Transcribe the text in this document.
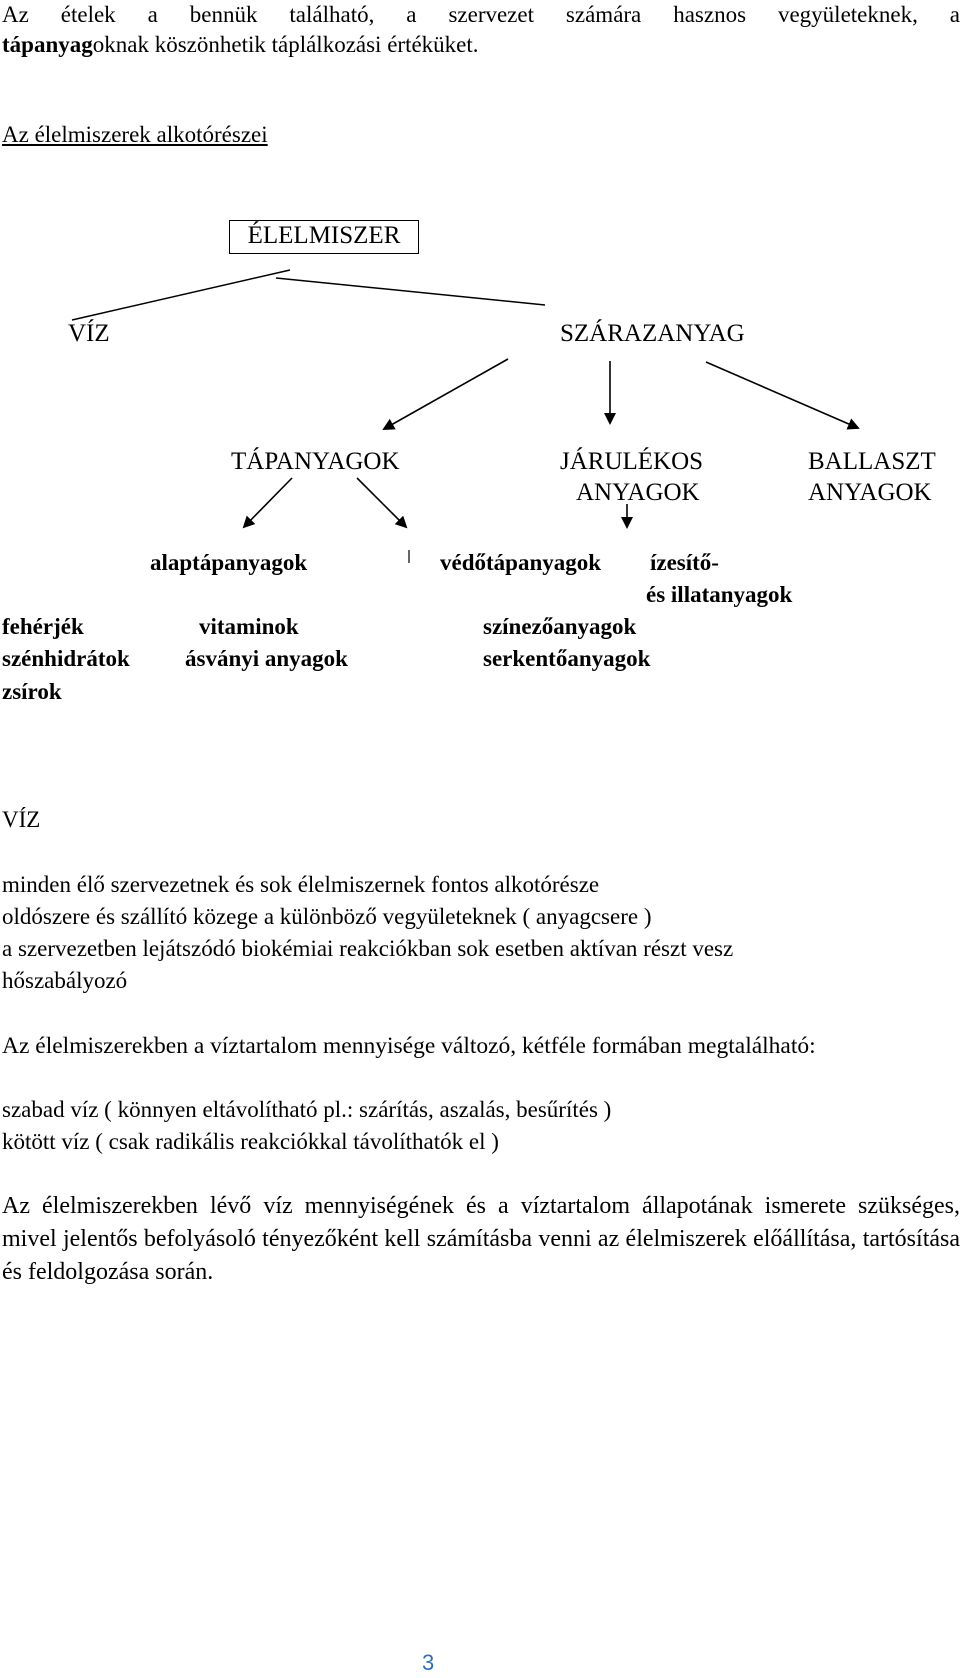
Az ételek a bennük található, a szervezet számára hasznos vegyületeknek, a
tápanyagoknak köszönhetik táplálkozási értéküket.
Az élelmiszerek alkotórészei
ÉLELMISZER
VÍZ	SZÁRAZANYAG
TÁPANYAGOK	JÁRULÉKOS
ANYAGOK
BALLASZT
ANYAGOK
alaptápanyagok	védőtápanyagok ízesítő-
és illatanyagok
fehérjék	vitaminok	színezőanyagok
szénhidrátok ásványi anyagok	serkentőanyagok
zsírok
VÍZ
minden élő szervezetnek és sok élelmiszernek fontos alkotórésze
oldószere és szállító közege a különböző vegyületeknek ( anyagcsere )
a szervezetben lejátszódó biokémiai reakciókban sok esetben aktívan részt vesz
hőszabályozó
Az élelmiszerekben a víztartalom mennyisége változó, kétféle formában megtalálható:
szabad víz ( könnyen eltávolítható pl.: szárítás, aszalás, besűrítés )
kötött víz ( csak radikális reakciókkal távolíthatók el )
Az élelmiszerekben lévő víz mennyiségének és a víztartalom állapotának ismerete szükséges, mivel jelentős befolyásoló tényezőként kell számításba venni az élelmiszerek előállítása, tartósítása és feldolgozása során.
3
